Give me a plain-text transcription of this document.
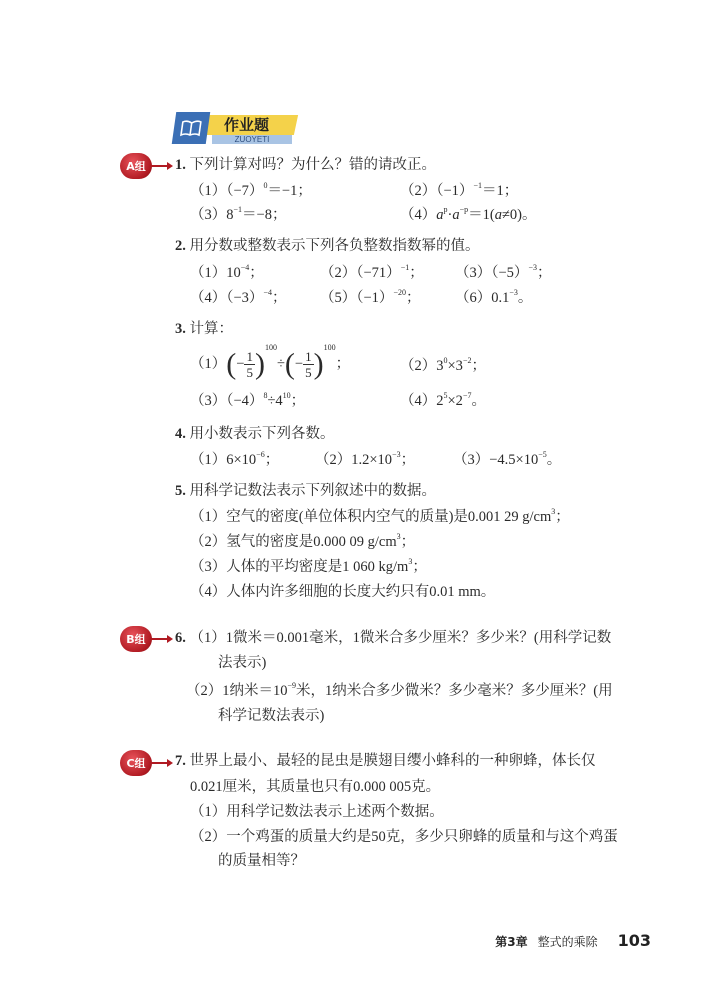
ZUOYETI
作业题
A组
B组
C组
1. 下列计算对吗？为什么？错的请改正。
$(1)(-7)^0=-1$；	$(2)(-1)^{-1}=1$；
$(3)8^{-1}=-8$；	$(4)a^p\cdot a^{-p}=1(a\ne 0)$。
2. 用分数或整数表示下列各负整数指数幂的值。
$(1)10^{-4}$；	$(2)(-71)^{-1}$； $(3)(-5)^{-3}$；
$(4)(-3)^{-4}$； $(5)(-1)^{-20}$； $(6)0.1^{-3}$。
3. 计算：
$(1)(- \frac{1}{5} )^{100}\div(- \frac{1}{5} )^{100}$；	$(2)3^0\times 3^{-2}$；
$(3)(-4)^8\div 4^{10}$；	$(4)2^5\times 2^{-7}$。
4. 用小数表示下列各数。
$(1)6\times 10^{-6}$； $(2)1.2\times 10^{-3}$；	$(3)-4.5\times 10^{-5}$。
5. 用科学记数法表示下列叙述中的数据。
（1）空气的密度(单位体积内空气的质量)是0.001 29 $g/cm^3$；
（2）氢气的密度是0.000 09 $g/cm^3$；
（3）人体的平均密度是1 060 $kg/m^3$；
（4）人体内许多细胞的长度大约只有0.01 mm。
6. （1）1微米＝0.001毫米，1微米合多少厘米？多少米？(用科学记数
法表示)
（2）1纳米$=10^{-9}$米，1纳米合多少微米？多少毫米？多少厘米？(用
科学记数法表示)
7. 世界上最小、最轻的昆虫是膜翅目缨小蜂科的一种卵蜂，体长仅
0.021厘米，其质量也只有0.000 005克。
（1）用科学记数法表示上述两个数据。
（2）一个鸡蛋的质量大约是50克，多少只卵蜂的质量和与这个鸡蛋
的质量相等？
第3章 整式的乘除 103
